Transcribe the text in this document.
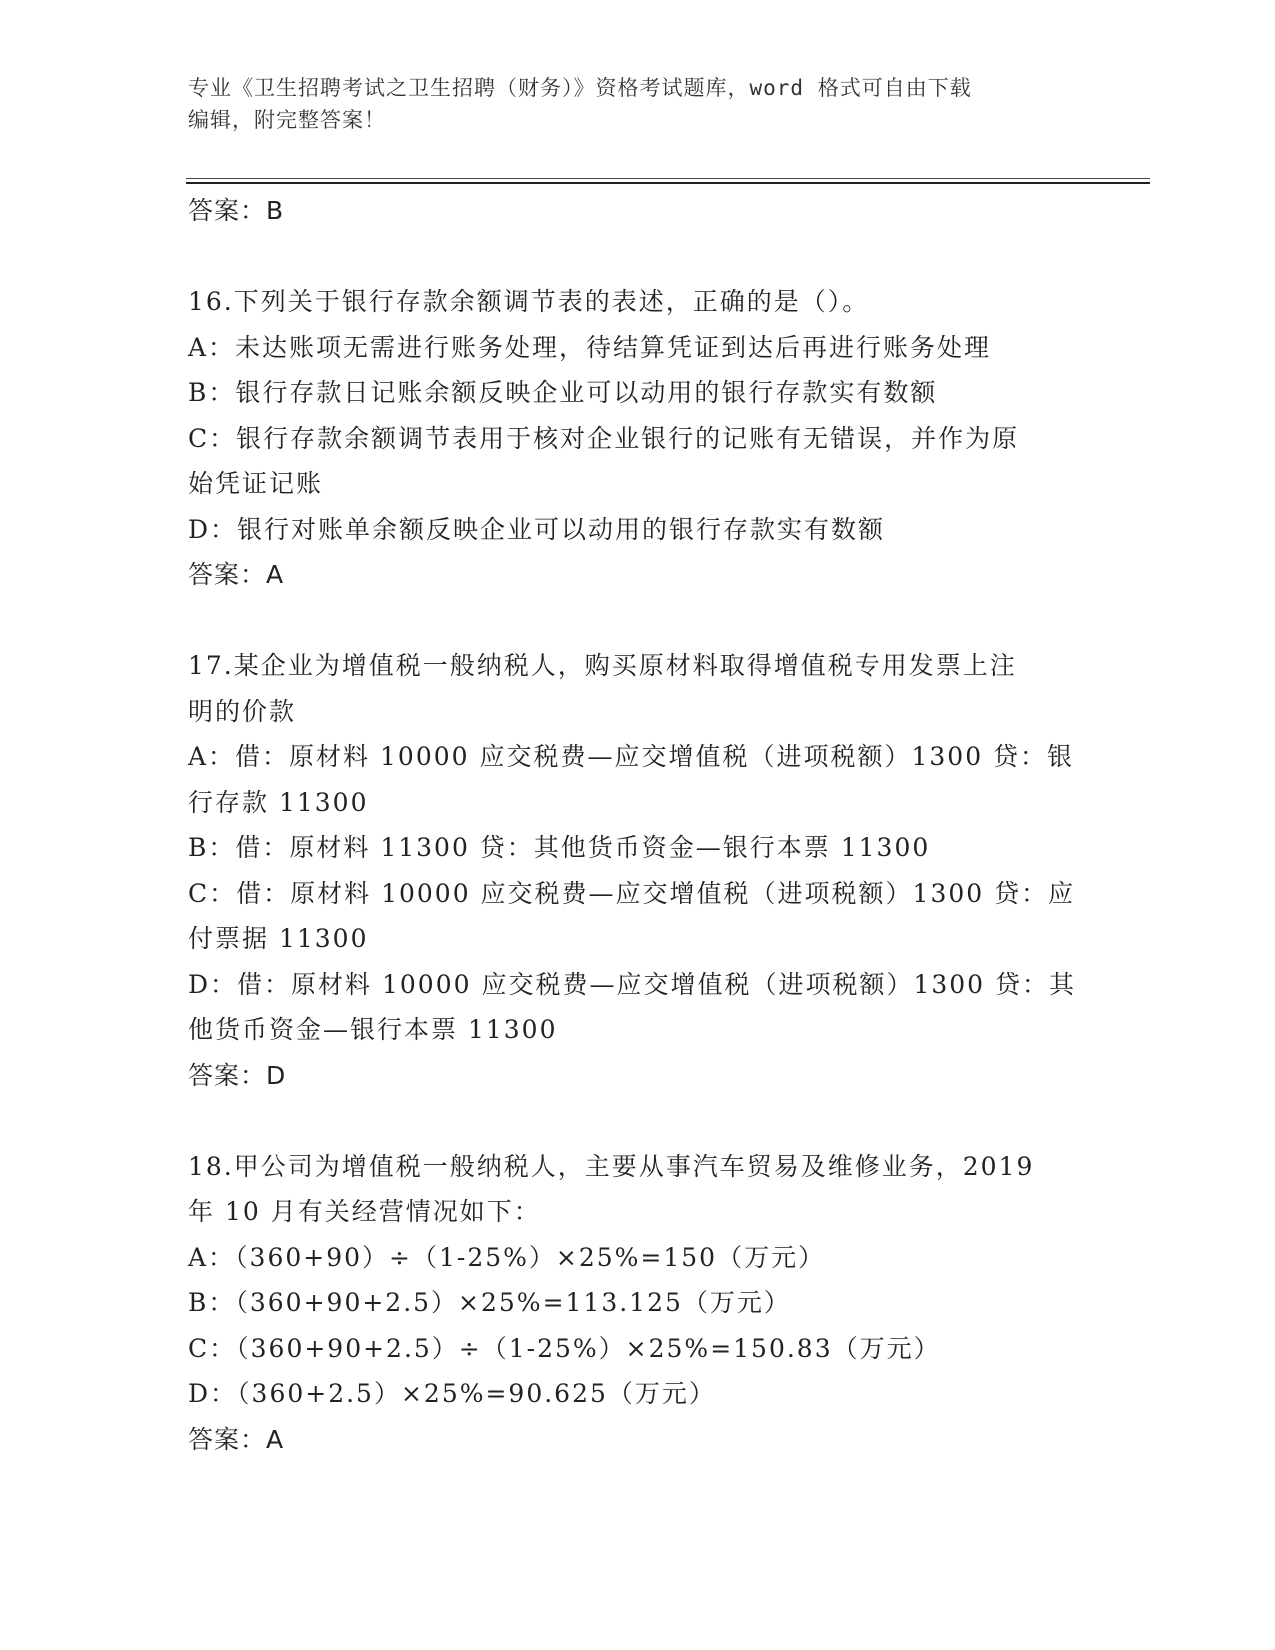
专业《卫生招聘考试之卫生招聘（财务）》资格考试题库，word 格式可自由下载
编辑，附完整答案！

答案：B

16.下列关于银行存款余额调节表的表述，正确的是（）。

A：未达账项无需进行账务处理，待结算凭证到达后再进行账务处理

B：银行存款日记账余额反映企业可以动用的银行存款实有数额

C：银行存款余额调节表用于核对企业银行的记账有无错误，并作为原

始凭证记账

D：银行对账单余额反映企业可以动用的银行存款实有数额

答案：A

17.某企业为增值税一般纳税人，购买原材料取得增值税专用发票上注

明的价款

A：借：原材料 10000 应交税费—应交增值税（进项税额）1300 贷：银

行存款 11300

B：借：原材料 11300 贷：其他货币资金—银行本票 11300

C：借：原材料 10000 应交税费—应交增值税（进项税额）1300 贷：应

付票据 11300

D：借：原材料 10000 应交税费—应交增值税（进项税额）1300 贷：其

他货币资金—银行本票 11300

答案：D

18.甲公司为增值税一般纳税人，主要从事汽车贸易及维修业务，2019

年 10 月有关经营情况如下：

A：（360+90）÷（1-25%）×25%=150（万元）

B：（360+90+2.5）×25%=113.125（万元）

C：（360+90+2.5）÷（1-25%）×25%=150.83（万元）

D：（360+2.5）×25%=90.625（万元）

答案：A
